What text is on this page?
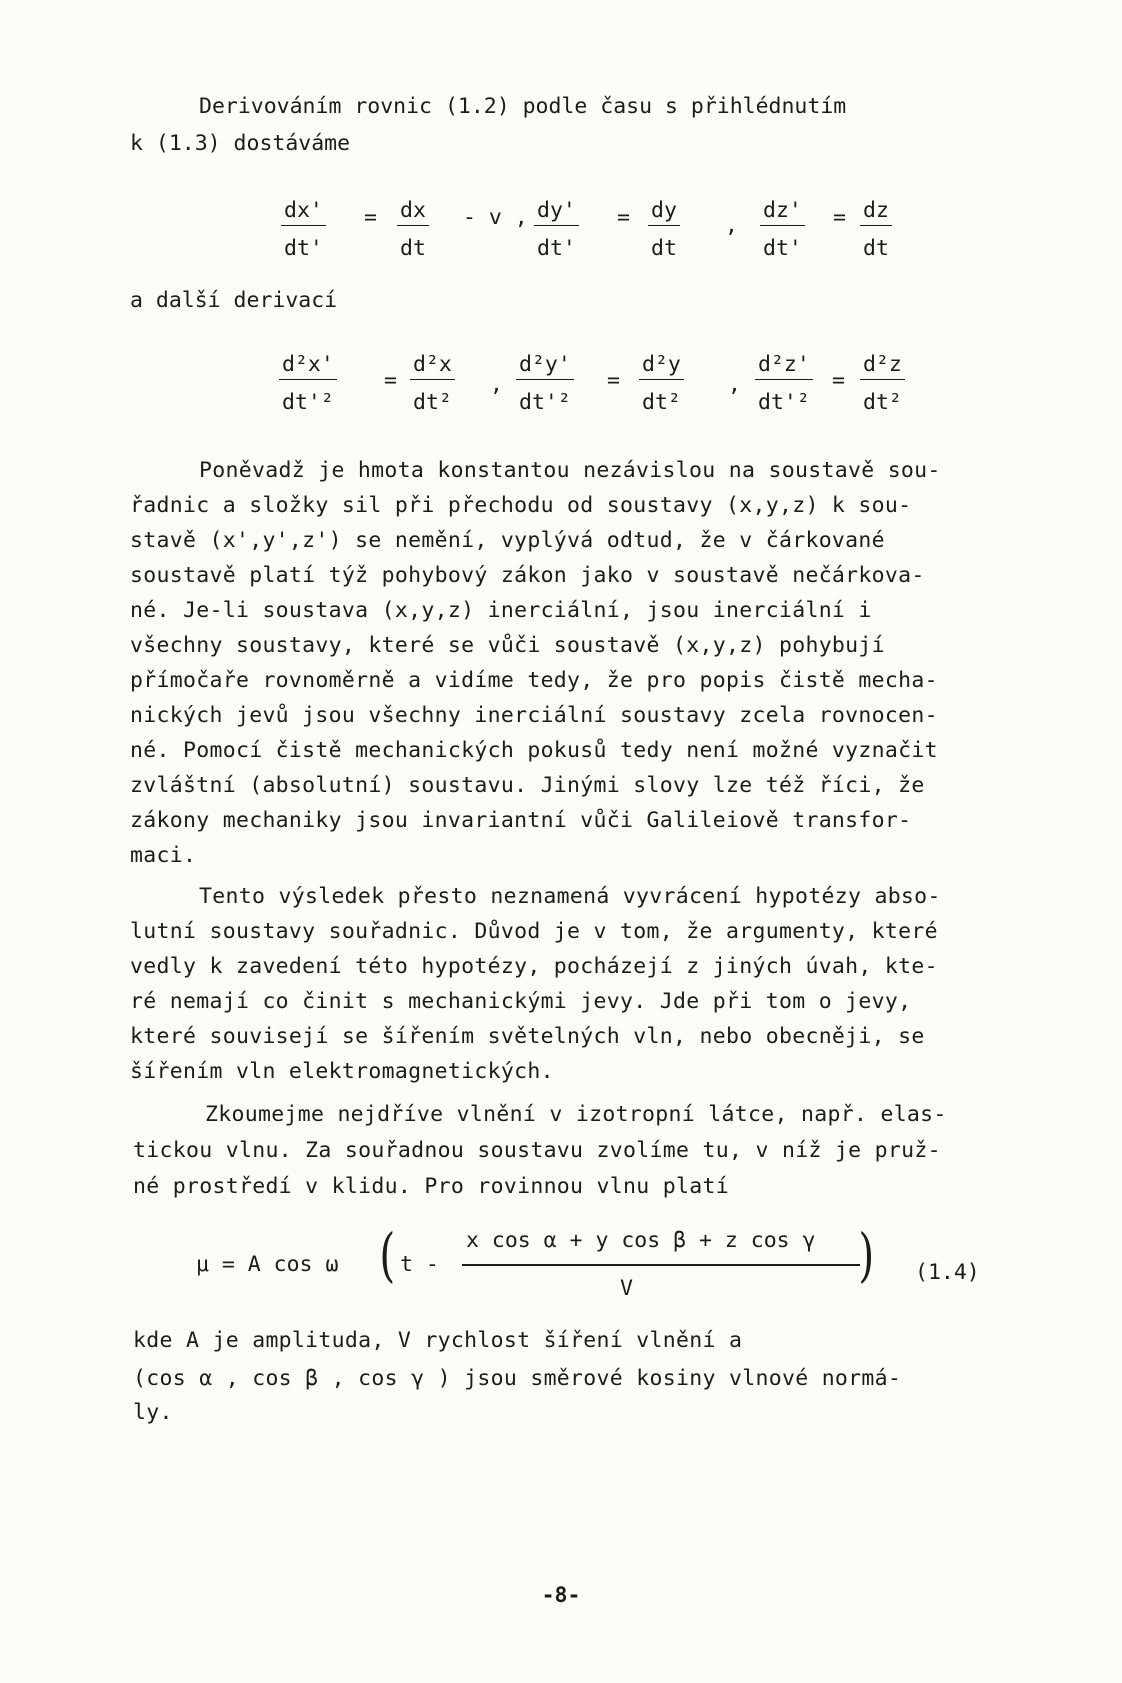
Derivováním rovnic (1.2) podle času s přihlédnutím
k (1.3) dostáváme
$\frac{dx'}{dt'} = \frac{dx}{dt} - v$ , $\frac{dy'}{dt'} = \frac{dy}{dt}$ , $\frac{dz'}{dt'} = \frac{dz}{dt}$
a další derivací
$\frac{\text{d²x'}}{\text{dt'²}} = \frac{\text{d²x}}{\text{dt²}}$ , $\frac{\text{d²y'}}{\text{dt'²}} = \frac{\text{d²y}}{\text{dt²}}$ , $\frac{\text{d²z'}}{\text{dt'²}} = \frac{\text{d²z}}{\text{dt²}}$
Poněvadž je hmota konstantou nezávislou na soustavě sou-
řadnic a složky sil při přechodu od soustavy (x,y,z) k sou-
stavě (x',y',z') se nemění, vyplývá odtud, že v čárkované
soustavě platí týž pohybový zákon jako v soustavě nečárkova-
né. Je-li soustava (x,y,z) inerciální, jsou inerciální i
všechny soustavy, které se vůči soustavě (x,y,z) pohybují
přímočaře rovnoměrně a vidíme tedy, že pro popis čistě mecha-
nických jevů jsou všechny inerciální soustavy zcela rovnocen-
né. Pomocí čistě mechanických pokusů tedy není možné vyznačit
zvláštní (absolutní) soustavu. Jinými slovy lze též říci, že
zákony mechaniky jsou invariantní vůči Galileiově transfor-
maci.
Tento výsledek přesto neznamená vyvrácení hypotézy abso-
lutní soustavy souřadnic. Důvod je v tom, že argumenty, které
vedly k zavedení této hypotézy, pocházejí z jiných úvah, kte-
ré nemají co činit s mechanickými jevy. Jde při tom o jevy,
které souvisejí se šířením světelných vln, nebo obecněji, se
šířením vln elektromagnetických.
Zkoumejme nejdříve vlnění v izotropní látce, např. elas-
tickou vlnu. Za souřadnou soustavu zvolíme tu, v níž je pruž-
né prostředí v klidu. Pro rovinnou vlnu platí
μ = A cos ω ( t -
x cos α + y cos β + z cos γ
V	) (1.4)
kde A je amplituda, V rychlost šíření vlnění a
(cos α , cos β , cos γ ) jsou směrové kosiny vlnové normá-
ly.
-8-
